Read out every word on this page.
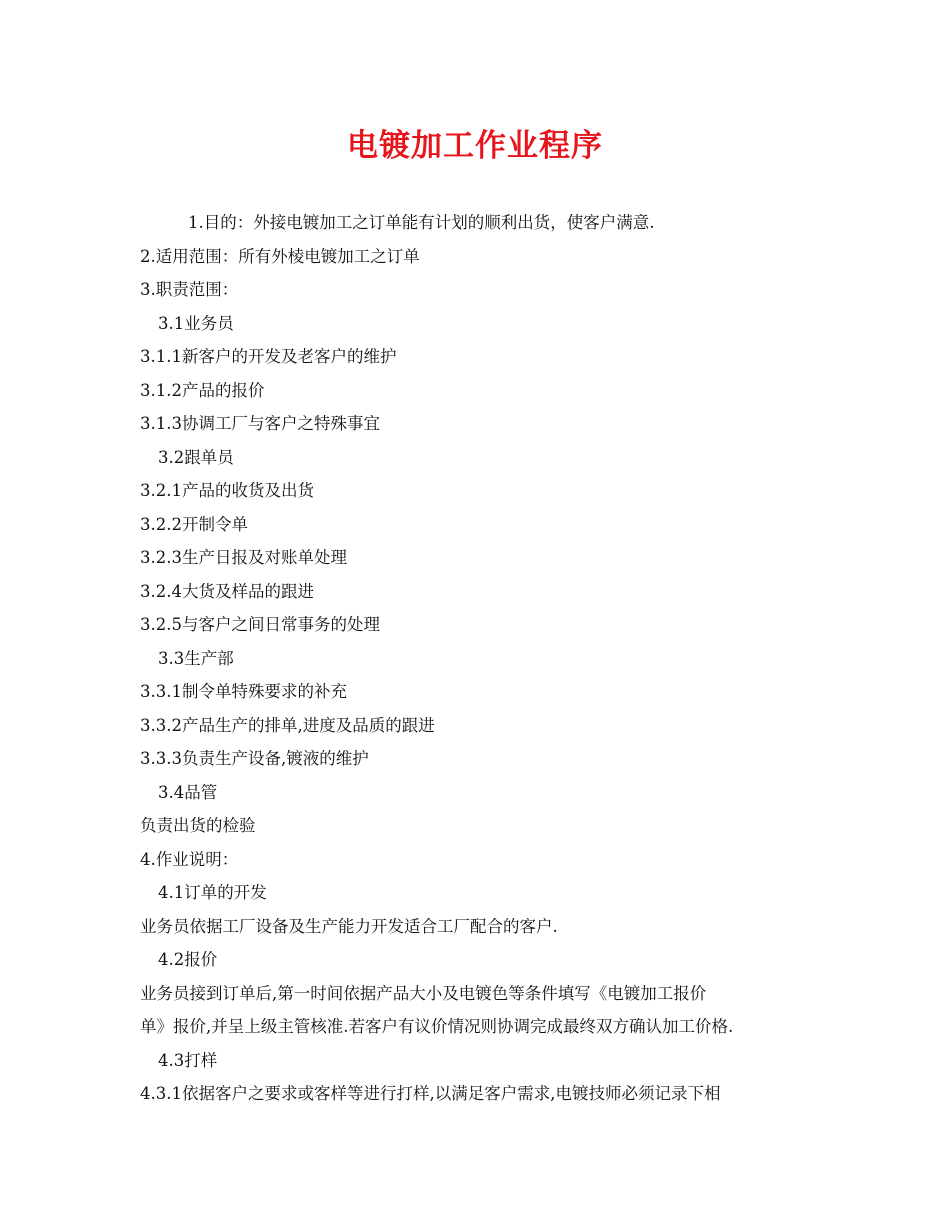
电镀加工作业程序
1.目的：外接电镀加工之订单能有计划的顺利出货，使客户满意.
2.适用范围：所有外棱电镀加工之订单
3.职责范围：
3.1业务员
3.1.1新客户的开发及老客户的维护
3.1.2产品的报价
3.1.3协调工厂与客户之特殊事宜
3.2跟单员
3.2.1产品的收货及出货
3.2.2开制令单
3.2.3生产日报及对账单处理
3.2.4大货及样品的跟进
3.2.5与客户之间日常事务的处理
3.3生产部
3.3.1制令单特殊要求的补充
3.3.2产品生产的排单,进度及品质的跟进
3.3.3负责生产设备,镀液的维护
3.4品管
负责出货的检验
4.作业说明：
4.1订单的开发
业务员依据工厂设备及生产能力开发适合工厂配合的客户.
4.2报价
业务员接到订单后,第一时间依据产品大小及电镀色等条件填写《电镀加工报价
单》报价,并呈上级主管核准.若客户有议价情况则协调完成最终双方确认加工价格.
4.3打样
4.3.1依据客户之要求或客样等进行打样,以满足客户需求,电镀技师必须记录下相
